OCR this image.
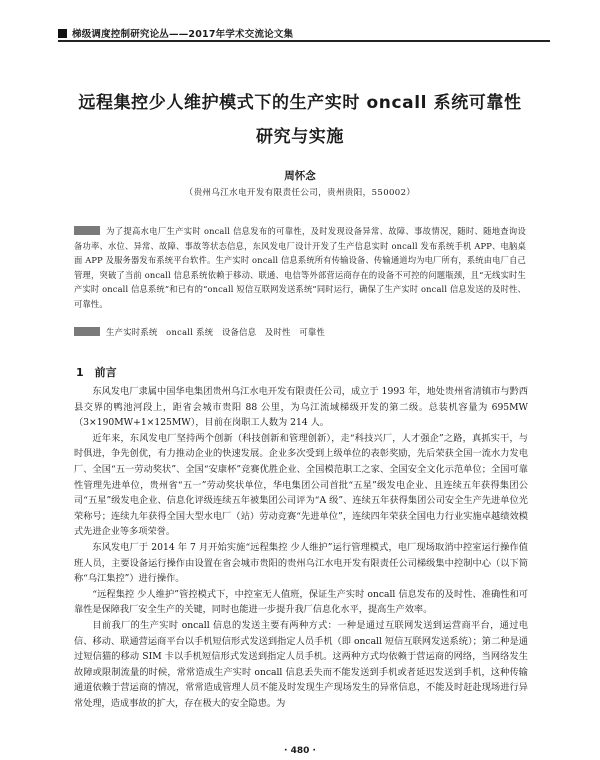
梯级调度控制研究论丛——2017年学术交流论文集
远程集控少人维护模式下的生产实时 oncall 系统可靠性
研究与实施
周怀念
（贵州乌江水电开发有限责任公司，贵州贵阳，550002）
为了提高水电厂生产实时 oncall 信息发布的可靠性，及时发现设备异常、故障、事故情况，随时、随地查询设备功率、水位、异常、故障、事故等状态信息，东风发电厂设计开发了生产信息实时 oncall 发布系统手机 APP、电脑桌面 APP 及服务器发布系统平台软件。生产实时 oncall 信息系统所有传输设备、传输通道均为电厂所有，系统由电厂自己管理，突破了当前 oncall 信息系统依赖于移动、联通、电信等外部营运商存在的设备不可控的问题瓶颈，且“无线实时生产实时 oncall 信息系统”和已有的“oncall 短信互联网发送系统”同时运行，确保了生产实时 oncall 信息发送的及时性、可靠性。
生产实时系统　oncall 系统　设备信息　及时性　可靠性
1　前言

东风发电厂隶属中国华电集团贵州乌江水电开发有限责任公司，成立于 1993 年，地处贵州省清镇市与黔西县交界的鸭池河段上，距省会城市贵阳 88 公里，为乌江流域梯级开发的第二级。总装机容量为 695MW（3×190MW+1×125MW），目前在岗职工人数为 214 人。

近年来，东风发电厂坚持两个创新（科技创新和管理创新），走“科技兴厂，人才强企”之路，真抓实干，与时俱进，争先创优，有力推动企业的快速发展。企业多次受到上级单位的表彰奖励，先后荣获全国一流水力发电厂、全国“五一劳动奖状”、全国“安康杯”竞赛优胜企业、全国模范职工之家、全国安全文化示范单位；全国可靠性管理先进单位，贵州省“五一”劳动奖状单位，华电集团公司首批“五星”级发电企业、且连续五年获得集团公司“五星”级发电企业、信息化评级连续五年被集团公司评为“A 级”、连续五年获得集团公司安全生产先进单位光荣称号；连续九年获得全国大型水电厂（站）劳动竞赛“先进单位”，连续四年荣获全国电力行业实施卓越绩效模式先进企业等多项荣誉。

东风发电厂于 2014 年 7 月开始实施“远程集控 少人维护”运行管理模式，电厂现场取消中控室运行操作值班人员，主要设备运行操作由设置在省会城市贵阳的贵州乌江水电开发有限责任公司梯级集中控制中心（以下简称“乌江集控”）进行操作。

“远程集控 少人维护”管控模式下，中控室无人值班，保证生产实时 oncall 信息发布的及时性、准确性和可靠性是保障我厂安全生产的关键，同时也能进一步提升我厂信息化水平，提高生产效率。

目前我厂的生产实时 oncall 信息的发送主要有两种方式：一种是通过互联网发送到运营商平台，通过电信、移动、联通营运商平台以手机短信形式发送到指定人员手机（即 oncall 短信互联网发送系统）；第二种是通过短信猫的移动 SIM 卡以手机短信形式发送到指定人员手机。这两种方式均依赖于营运商的网络，当网络发生故障或限制流量的时候，常常造成生产实时 oncall 信息丢失而不能发送到手机或者延迟发送到手机，这种传输通道依赖于营运商的情况，常常造成管理人员不能及时发现生产现场发生的异常信息，不能及时赶赴现场进行异常处理，造成事故的扩大，存在极大的安全隐患。为

· 480 ·
